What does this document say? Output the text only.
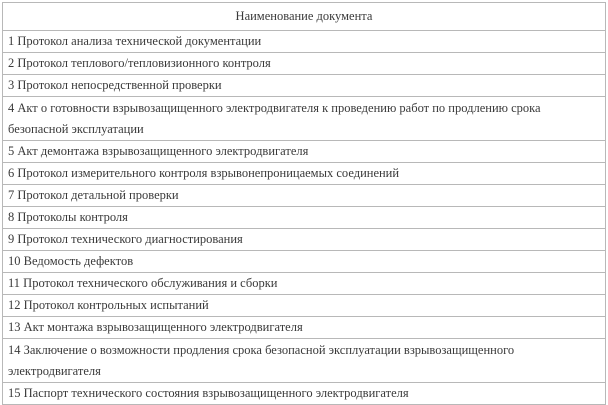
Наименование документа
1 Протокол анализа технической документации
2 Протокол теплового/тепловизионного контроля
3 Протокол непосредственной проверки
4 Акт о готовности взрывозащищенного электродвигателя к проведению работ по продлению срока безопасной эксплуатации
5 Акт демонтажа взрывозащищенного электродвигателя
6 Протокол измерительного контроля взрывонепроницаемых соединений
7 Протокол детальной проверки
8 Протоколы контроля
9 Протокол технического диагностирования
10 Ведомость дефектов
11 Протокол технического обслуживания и сборки
12 Протокол контрольных испытаний
13 Акт монтажа взрывозащищенного электродвигателя
14 Заключение о возможности продления срока безопасной эксплуатации взрывозащищенного электродвигателя
15 Паспорт технического состояния взрывозащищенного электродвигателя
